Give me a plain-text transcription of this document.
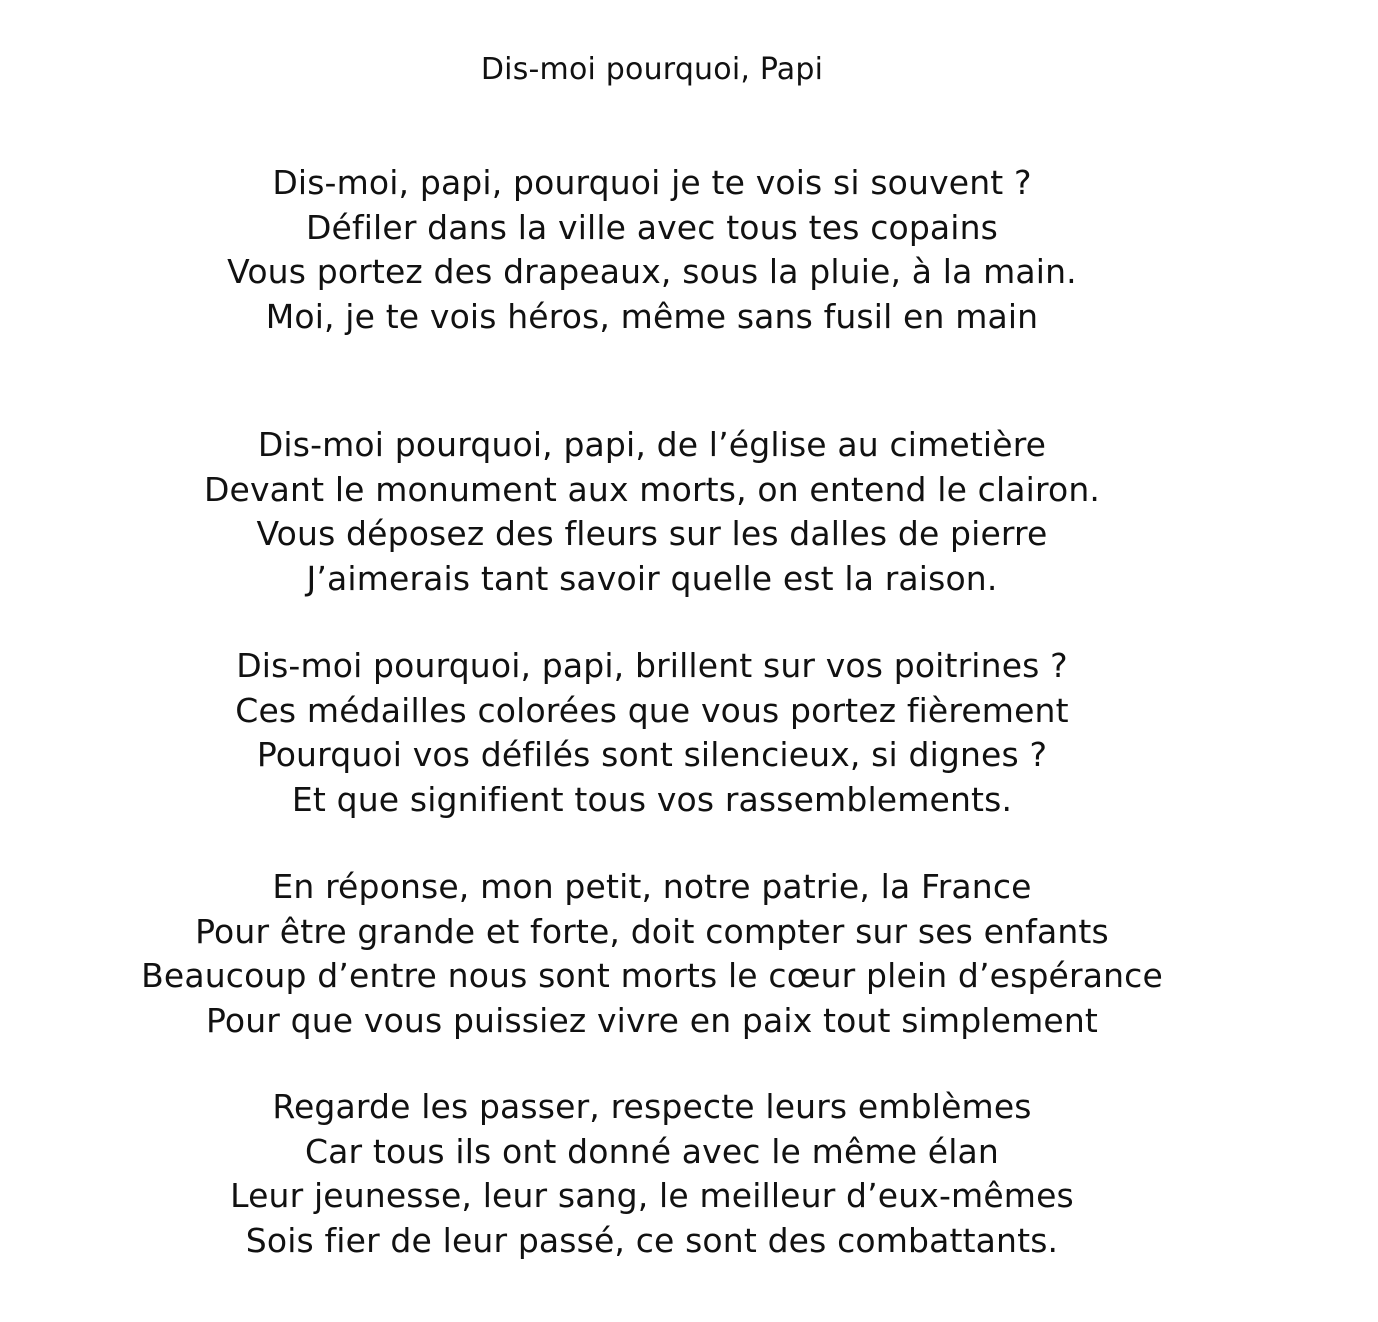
Dis-moi pourquoi, Papi
Dis-moi, papi, pourquoi je te vois si souvent ?
Défiler dans la ville avec tous tes copains
Vous portez des drapeaux, sous la pluie, à la main.
Moi, je te vois héros, même sans fusil en main
Dis-moi pourquoi, papi, de l’église au cimetière
Devant le monument aux morts, on entend le clairon.
Vous déposez des fleurs sur les dalles de pierre
J’aimerais tant savoir quelle est la raison.
Dis-moi pourquoi, papi, brillent sur vos poitrines ?
Ces médailles colorées que vous portez fièrement
Pourquoi vos défilés sont silencieux, si dignes ?
Et que signifient tous vos rassemblements.
En réponse, mon petit, notre patrie, la France
Pour être grande et forte, doit compter sur ses enfants
Beaucoup d’entre nous sont morts le cœur plein d’espérance
Pour que vous puissiez vivre en paix tout simplement
Regarde les passer, respecte leurs emblèmes
Car tous ils ont donné avec le même élan
Leur jeunesse, leur sang, le meilleur d’eux-mêmes
Sois fier de leur passé, ce sont des combattants.
